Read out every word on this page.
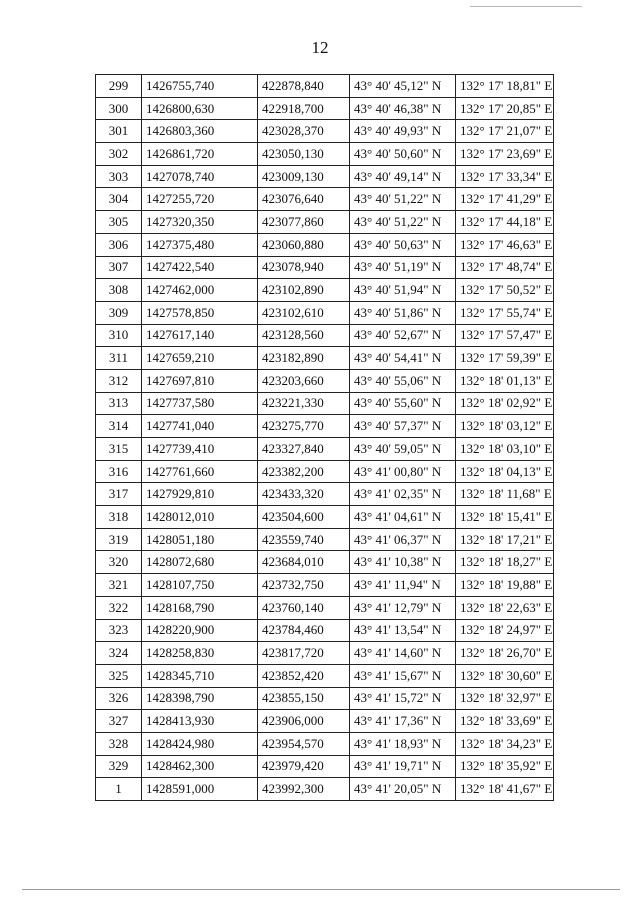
12
299	1426755,740	422878,840	43° 40' 45,12" N	132° 17' 18,81" E
300	1426800,630	422918,700	43° 40' 46,38" N	132° 17' 20,85" E
301	1426803,360	423028,370	43° 40' 49,93" N	132° 17' 21,07" E
302	1426861,720	423050,130	43° 40' 50,60" N	132° 17' 23,69" E
303	1427078,740	423009,130	43° 40' 49,14" N	132° 17' 33,34" E
304	1427255,720	423076,640	43° 40' 51,22" N	132° 17' 41,29" E
305	1427320,350	423077,860	43° 40' 51,22" N	132° 17' 44,18" E
306	1427375,480	423060,880	43° 40' 50,63" N	132° 17' 46,63" E
307	1427422,540	423078,940	43° 40' 51,19" N	132° 17' 48,74" E
308	1427462,000	423102,890	43° 40' 51,94" N	132° 17' 50,52" E
309	1427578,850	423102,610	43° 40' 51,86" N	132° 17' 55,74" E
310	1427617,140	423128,560	43° 40' 52,67" N	132° 17' 57,47" E
311	1427659,210	423182,890	43° 40' 54,41" N	132° 17' 59,39" E
312	1427697,810	423203,660	43° 40' 55,06" N	132° 18' 01,13" E
313	1427737,580	423221,330	43° 40' 55,60" N	132° 18' 02,92" E
314	1427741,040	423275,770	43° 40' 57,37" N	132° 18' 03,12" E
315	1427739,410	423327,840	43° 40' 59,05" N	132° 18' 03,10" E
316	1427761,660	423382,200	43° 41' 00,80" N	132° 18' 04,13" E
317	1427929,810	423433,320	43° 41' 02,35" N	132° 18' 11,68" E
318	1428012,010	423504,600	43° 41' 04,61" N	132° 18' 15,41" E
319	1428051,180	423559,740	43° 41' 06,37" N	132° 18' 17,21" E
320	1428072,680	423684,010	43° 41' 10,38" N	132° 18' 18,27" E
321	1428107,750	423732,750	43° 41' 11,94" N	132° 18' 19,88" E
322	1428168,790	423760,140	43° 41' 12,79" N	132° 18' 22,63" E
323	1428220,900	423784,460	43° 41' 13,54" N	132° 18' 24,97" E
324	1428258,830	423817,720	43° 41' 14,60" N	132° 18' 26,70" E
325	1428345,710	423852,420	43° 41' 15,67" N	132° 18' 30,60" E
326	1428398,790	423855,150	43° 41' 15,72" N	132° 18' 32,97" E
327	1428413,930	423906,000	43° 41' 17,36" N	132° 18' 33,69" E
328	1428424,980	423954,570	43° 41' 18,93" N	132° 18' 34,23" E
329	1428462,300	423979,420	43° 41' 19,71" N	132° 18' 35,92" E
1	1428591,000	423992,300	43° 41' 20,05" N	132° 18' 41,67" E
